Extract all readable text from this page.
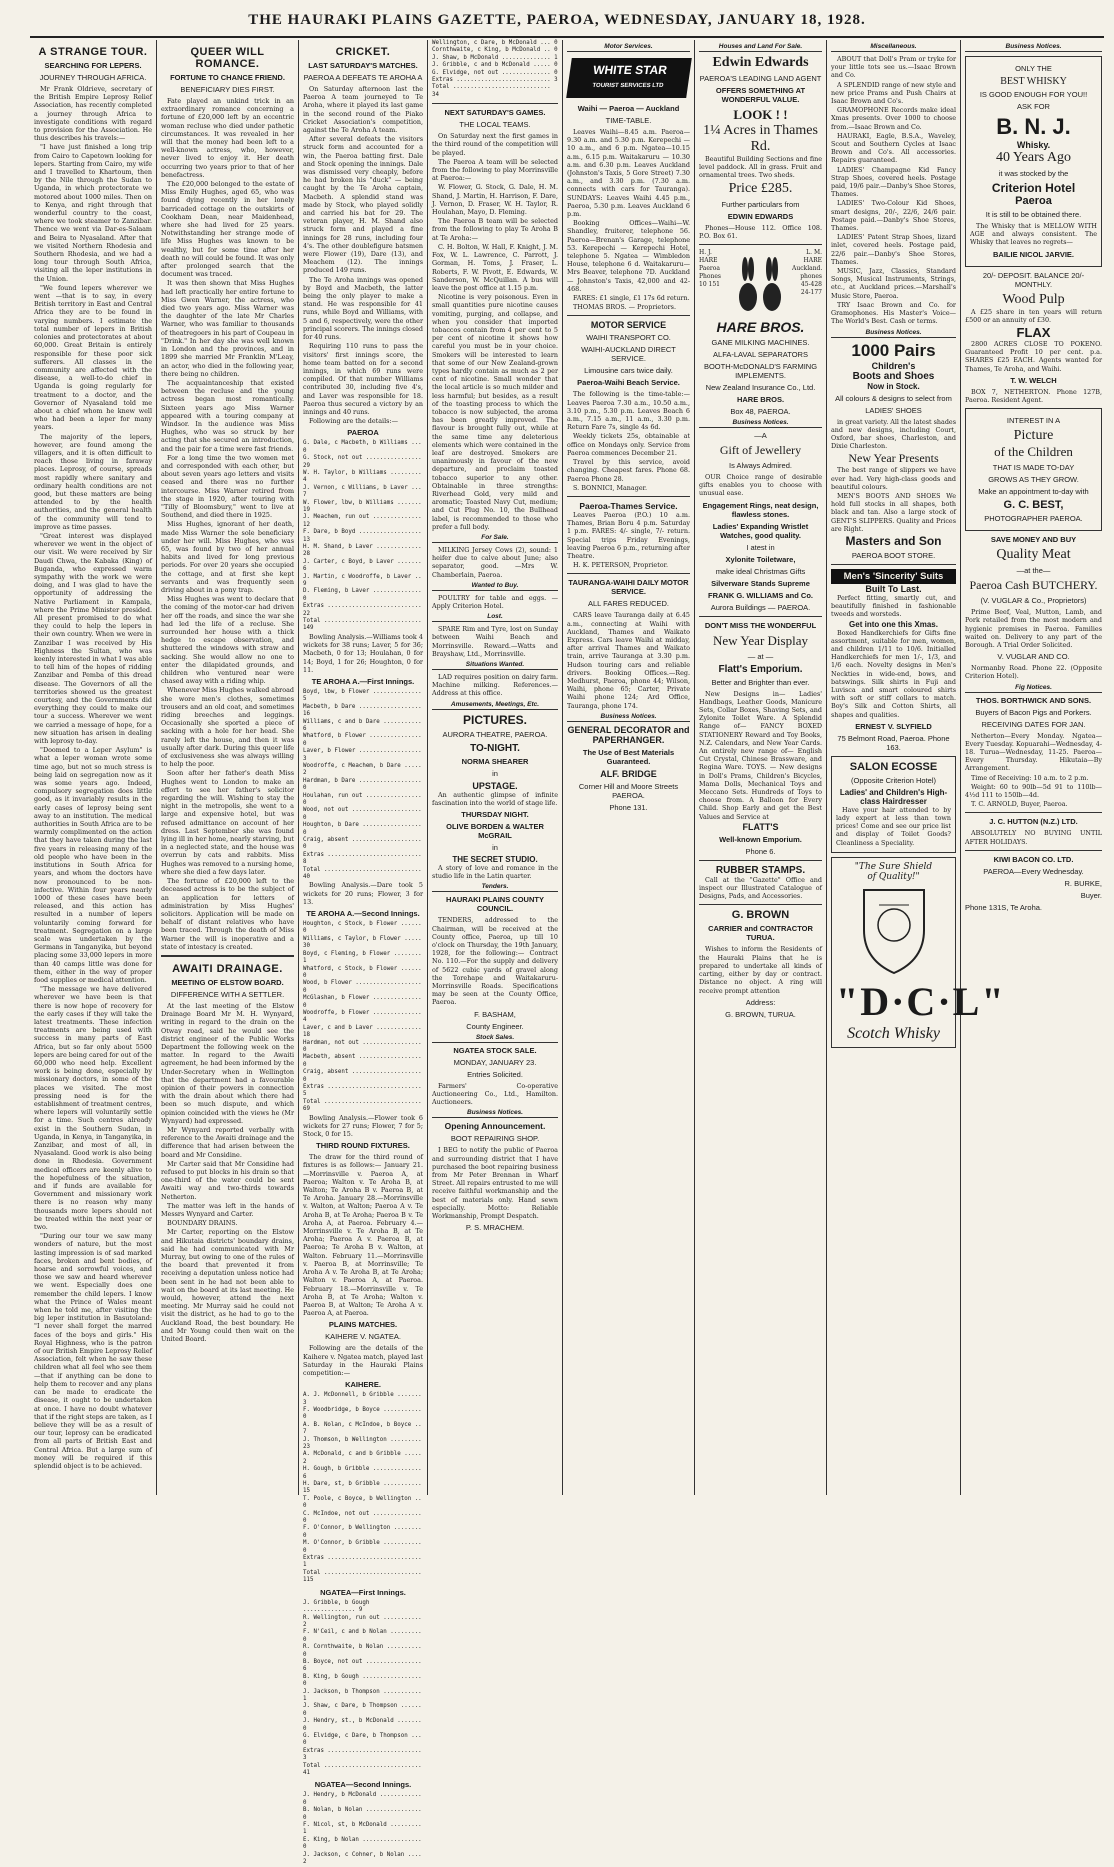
THE HAURAKI PLAINS GAZETTE, PAEROA, WEDNESDAY, JANUARY 18, 1928.
A STRANGE TOUR.
SEARCHING FOR LEPERS.
JOURNEY THROUGH AFRICA.

Mr Frank Oldrieve, secretary of the British Empire Leprosy Relief Association, has recently completed a journey through Africa to investigate conditions with regard to provision for the Association. He thus describes his travels:—

"I have just finished a long trip from Cairo to Capetown looking for lepers. Starting from Cairo, my wife and I travelled to Khartoum, then by the Nile through the Sudan to Uganda, in which protectorate we motored about 1000 miles. Then on to Kenya, and right through that wonderful country to the coast, where we took steamer to Zanzibar. Thence we went via Dar-es-Salaam and Beira to Nyasaland. After that we visited Northern Rhodesia and Southern Rhodesia, and we had a long tour through South Africa, visiting all the leper institutions in the Union.

"We found lepers wherever we went —that is to say, in every British territory in East and Central Africa they are to be found in varying numbers. I estimate the total number of lepers in British colonies and protectorates at about 60,000. Great Britain is entirely responsible for these poor sick sufferers. All classes in the community are affected with the disease, a well-to-do chief in Uganda is going regularly for treatment to a doctor, and the Governor of Nyasaland told me about a chief whom he knew well who had been a leper for many years.

The majority of the lepers, however, are found among the villagers, and it is often difficult to reach those living in faraway places. Leprosy, of course, spreads most rapidly where sanitary and ordinary health conditions are not good, but these matters are being attended to by the health authorities, and the general health of the community will tend to improve as time passes.

"Great interest was displayed wherever we went in the object of our visit. We were received by Sir Daudi Chwa, the Kabaka (King) of Buganda, who expressed warm sympathy with the work we were doing, and I was glad to have the opportunity of addressing the Native Parliament in Kampala, where the Prime Minister presided. All present promised to do what they could to help the lepers in their own country. When we were in Zanzibar I was received by His Highness the Sultan, who was keenly interested in what I was able to tell him of the hopes of ridding Zanzibar and Pemba of this dread disease. The Governors of all the territories showed us the greatest courtesy, and the Governments did everything they could to make our tour a success. Wherever we went we carried a message of hope, for a new situation has arisen in dealing with leprosy to-day.

"Doomed to a Leper Asylum" is what a leper woman wrote some time ago, but not so much stress is being laid on segregation now as it was some years ago. Indeed, compulsory segregation does little good, as it invariably results in the early cases of leprosy being sent away to an institution. The medical authorities in South Africa are to be warmly complimented on the action that they have taken during the last five years in releasing many of the old people who have been in the institutions in South Africa for years, and whom the doctors have now pronounced to be non-infective. Within four years nearly 1000 of these cases have been released, and this action has resulted in a number of lepers voluntarily coming forward for treatment. Segregation on a large scale was undertaken by the Germans in Tanganyika, but beyond placing some 33,000 lepers in more than 40 camps little was done for them, either in the way of proper food supplies or medical attention.

"The message we have delivered wherever we have been is that there is now hope of recovery for the early cases if they will take the latest treatments. These infection treatments are being used with success in many parts of East Africa, but so far only about 5500 lepers are being cared for out of the 60,000 who need help. Excellent work is being done, especially by missionary doctors, in some of the places we visited. The most pressing need is for the establishment of treatment centres, where lepers will voluntarily settle for a time. Such centres already exist in the Southern Sudan, in Uganda, in Kenya, in Tanganyika, in Zanzibar, and most of all, in Nyasaland. Good work is also being done in Rhodesia. Government medical officers are keenly alive to the hopefulness of the situation, and if funds are available for Government and missionary work there is no reason why many thousands more lepers should not be treated within the next year or two.

"During our tour we saw many wonders of nature, but the most lasting impression is of sad marked faces, broken and bent bodies, of hoarse and sorrowful voices, and those we saw and heard wherever we went. Especially does one remember the child lepers. I know what the Prince of Wales meant when he told me, after visiting the big leper institution in Basutoland: "I never shall forget the marred faces of the boys and girls." His Royal Highness, who is the patron of our British Empire Leprosy Relief Association, felt when he saw these children what all feel who see them—that if anything can be done to help them to recover and any plans can be made to eradicate the disease, it ought to be undertaken at once. I have no doubt whatever that if the right steps are taken, as I believe they will be as a result of our tour, leprosy can be eradicated from all parts of British East and Central Africa. But a large sum of money will be required if this splendid object is to be achieved.

QUEER WILL ROMANCE.
FORTUNE TO CHANCE FRIEND.
BENEFICIARY DIES FIRST.

Fate played an unkind trick in an extraordinary romance concerning a fortune of £20,000 left by an eccentric woman recluse who died under pathetic circumstances. It was revealed in her will that the money had been left to a well-known actress, who, however, never lived to enjoy it. Her death occurring two years prior to that of her benefactress.

The £20,000 belonged to the estate of Miss Emily Hughes, aged 65, who was found dying recently in her lonely barricaded cottage on the outskirts of Cookham Dean, near Maidenhead, where she had lived for 25 years. Notwithstanding her strange mode of life Miss Hughes was known to be wealthy, but for some time after her death no will could be found. It was only after prolonged search that the document was traced.

It was then shown that Miss Hughes had left practically her entire fortune to Miss Gwen Warner, the actress, who died two years ago. Miss Warner was the daughter of the late Mr Charles Warner, who was familiar to thousands of theatregoers in his part of Coupeau in "Drink." In her day she was well known in London and the provinces, and in 1899 she married Mr Franklin M'Leay, an actor, who died in the following year, there being no children.

The acquaintanceship that existed between the recluse and the young actress began most romantically. Sixteen years ago Miss Warner appeared with a touring company at Windsor. In the audience was Miss Hughes, who was so struck by her acting that she secured an introduction, and the pair for a time were fast friends.

For a long time the two women met and corresponded with each other, but about seven years ago letters and visits ceased and there was no further intercourse. Miss Warner retired from the stage in 1920, after touring with "Tilly of Bloomsbury," went to live at Southend, and died there in 1925.

Miss Hughes, ignorant of her death, made Miss Warner the sole beneficiary under her will. Miss Hughes, who was 65, was found by two of her annual habits and lived for long previous periods. For over 20 years she occupied the cottage, and at first she kept servants and was frequently seen driving about in a pony trap.

Miss Hughes was went to declare that the coming of the motor-car had driven her off the roads, and since the war she had led the life of a recluse. She surrounded her house with a thick hedge to escape observation, and shuttered the windows with straw and sacking. She would allow no one to enter the dilapidated grounds, and children who ventured near were chased away with a riding whip.

Whenever Miss Hughes walked abroad she wore men's clothes, sometimes trousers and an old coat, and sometimes riding breeches and leggings. Occasionally she sported a piece of sacking with a hole for her head. She rarely left the house, and then it was usually after dark. During this queer life of exclusiveness she was always willing to help the poor.

Soon after her father's death Miss Hughes went to London to make an effort to see her father's solicitor regarding the will. Wishing to stay the night in the metropolis, she went to a large and expensive hotel, but was refused admittance on account of her dress. Last September she was found lying ill in her home, nearly starving, but in a neglected state, and the house was overrun by cats and rabbits. Miss Hughes was removed to a nursing home, where she died a few days later.

The fortune of £20,000 left to the deceased actress is to be the subject of an application for letters of administration by Miss Hughes' solicitors. Application will be made on behalf of distant relatives who have been traced. Through the death of Miss Warner the will is inoperative and a state of intestacy is created.

AWAITI DRAINAGE.
MEETING OF ELSTOW BOARD.
DIFFERENCE WITH A SETTLER.

At the last meeting of the Elstow Drainage Board Mr M. H. Wynyard, writing in regard to the drain on the Otway road, said he would see the district engineer of the Public Works Department the following week on the matter. In regard to the Awaiti agreement, he had been informed by the Under-Secretary when in Wellington that the department had a favourable opinion of their powers in connection with the drain about which there had been so much dispute, and which opinion coincided with the views he (Mr Wynyard) had expressed.

Mr Wynyard reported verbally with reference to the Awaiti drainage and the difference that had arisen between the board and Mr Considine.

Mr Carter said that Mr Considine had refused to put blocks in his drain so that one-third of the water could be sent Awaiti way and two-thirds towards Netherton.

The matter was left in the hands of Messrs Wynyard and Carter.

BOUNDARY DRAINS.

Mr Carter, reporting on the Elstow and Hikutaia districts' boundary drains, said he had communicated with Mr Murray, but owing to one of the rules of the board that prevented it from receiving a deputation unless notice had been sent in he had not been able to wait on the board at its last meeting. He would, however, attend the next meeting. Mr Murray said he could not visit the district, as he had to go to the Auckland Road, the best boundary. He and Mr Young could then wait on the United Board.

CRICKET.
LAST SATURDAY'S MATCHES.
PAEROA A DEFEATS TE AROHA A

On Saturday afternoon last the Paeroa A team journeyed to Te Aroha, where it played its last game in the second round of the Piako Cricket Association's competition, against the Te Aroha A team.

After several defeats the visitors struck form and accounted for a win, the Paeroa batting first. Dale and Stock opening the innings. Dale was dismissed very cheaply, before he had broken his "duck" — being caught by the Te Aroha captain, Macbeth. A splendid stand was made by Stock, who played solidly and carried his bat for 29. The veteran player, H. M. Shand also struck form and played a fine innings for 28 runs, including four 4's. The other doublefigure batsmen were Flower (19), Dare (13), and Meachem (12). The innings produced 149 runs.

The Te Aroha innings was opened by Boyd and Macbeth, the latter being the only player to make a stand. He was responsible for 41 runs, while Boyd and Williams, with 5 and 6, respectively, were the other principal scorers. The innings closed for 40 runs.

Requiring 110 runs to pass the visitors' first innings score, the home team batted on for a second innings, in which 69 runs were compiled. Of that number Williams contributed 30, including five 4's, and Laver was responsible for 18. Paeroa thus secured a victory by an innings and 40 runs.

Following are the details:—

PAEROA
G. Dale, c Macbeth, b Williams ... 0
G. Stock, not out ................ 29
W. H. Taylor, b Williams ......... 4
J. Vernon, c Williams, b Laver ... 7
W. Flower, lbw, b Williams ....... 19
J. Meachem, run out .............. 12
F. Dare, b Boyd .................. 13
H. M. Shand, b Laver ............. 28
J. Carter, c Boyd, b Laver ....... 6
J. Martin, c Woodroffe, b Laver .. 9
D. Fleming, b Laver .............. 0
Extras ........................... 22
Total ............................ 149

Bowling Analysis.—Williams took 4 wickets for 38 runs; Laver, 5 for 36; Macbeth, 0 for 13; Houlahan, 0 for 14; Boyd, 1 for 26; Houghton, 0 for 11.

TE AROHA A.—First Innings.
Boyd, lbw, b Flower .............. 5
Macbeth, b Dare .................. 16
Williams, c and b Dare ........... 6
Whatford, b Flower ............... 0
Laver, b Flower .................. 3
Woodroffe, c Meachem, b Dare ..... 2
Hardman, b Dare .................. 0
Houlahan, run out ................ 0
Wood, not out .................... 0
Houghton, b Dare ................. 0
Craig, absent .................... 0
Extras ........................... 8
Total ............................ 40

Bowling Analysis.—Dare took 5 wickets for 20 runs; Flower, 3 for 13.

TE AROHA A.—Second Innings.
Houghton, c Stock, b Flower ...... 0
Williams, c Taylor, b Flower ..... 30
Boyd, c Fleming, b Flower ........ 1
Whatford, c Stock, b Flower ...... 0
Wood, b Flower ................... 0
McGlashan, b Flower .............. 0
Woodroffe, b Flower .............. 4
Laver, c and b Laver ............. 18
Hardman, not out ................. 0
Macbeth, absent .................. 0
Craig, absent .................... 0
Extras ........................... 5
Total ............................ 69

Bowling Analysis.—Flower took 6 wickets for 27 runs; Flower, 7 for 5; Stock, 0 for 15.

THIRD ROUND FIXTURES.

The draw for the third round of fixtures is as follows:— January 21.—Morrinsville v. Paeroa A, at Paeroa; Walton v. Te Aroha B, at Walton; Te Aroha B v. Paeroa B, at Te Aroha. January 28.—Morrinsville v. Walton, at Walton; Paeroa A v. Te Aroha B, at Te Aroha; Paeroa B v. Te Aroha A, at Paeroa. February 4.—Morrinsville v. Te Aroha B, at Te Aroha; Paeroa A v. Paeroa B, at Paeroa; Te Aroha B v. Walton, at Walton. February 11.—Morrinsville v. Paeroa B, at Morrinsville; Te Aroha A v. Te Aroha B, at Te Aroha; Walton v. Paeroa A, at Paeroa. February 18.—Morrinsville v. Te Aroha B, at Te Aroha; Walton v. Paeroa B, at Walton; Te Aroha A v. Paeroa A, at Paeroa.

PLAINS MATCHES.
KAIHERE V. NGATEA.

Following are the details of the Kaihere v. Ngatea match, played last Saturday in the Hauraki Plains competition:—

KAIHERE.
A. J. McDonnell, b Gribble ....... 3
F. Woodbridge, b Boyce ........... 0
A. B. Nolan, c McIndoe, b Boyce .. 7
J. Thomson, b Wellington ......... 23
A. McDonald, c and b Gribble ..... 2
H. Gough, b Gribble .............. 6
H. Dare, st, b Gribble ........... 15
T. Poole, c Boyce, b Wellington .. 0
C. McIndoe, not out .............. 0
F. O'Connor, b Wellington ........ 0
M. O'Connor, b Gribble ........... 0
Extras ........................... 1
Total ............................ 115
NGATEA—First Innings.
J. Gribble, b Gough ............... 9
R. Wellington, run out ........... 2
F. N'Ceil, c and b Nolan ......... 0
R. Cornthwaite, b Nolan .......... 0
B. Boyce, not out ................ 6
B. King, b Gough ................. 0
J. Jackson, b Thompson ........... 1
J. Shaw, c Dare, b Thompson ...... 0
J. Hendry, st., b McDonald ....... 0
G. Elvidge, c Dare, b Thompson ... 0
Extras ........................... 3
Total ............................ 41
NGATEA—Second Innings.
J. Hendry, b McDonald ............ 0
B. Nolan, b Nolan ................ 0
F. Nicol, st, b McDonald ......... 1
E. King, b Nolan ................. 0
J. Jackson, c Cohner, b Nolan .... 2
Wellington, c Dare, b McDonald ... 0
Cornthwaite, c King, b McDonald .. 0
J. Shaw, b McDonald .............. 1
J. Gribble, c and b McDonald ..... 0
G. Elvidge, not out .............. 0
Extras ........................... 3
Total ............................ 34
NEXT SATURDAY'S GAMES.
THE LOCAL TEAMS.

On Saturday next the first games in the third round of the competition will be played.

The Paeroa A team will be selected from the following to play Morrinsville at Paeroa:—

W. Flower, G. Stock, G. Dale, H. M. Shand, J. Martin, H. Harrison, F. Dare, J. Vernon, D. Fraser, W. H. Taylor, R. Houlahan, Mayo, D. Fleming.

The Paeroa B team will be selected from the following to play Te Aroha B at Te Aroha:—

C. H. Bolton, W. Hall, F. Knight, J. M. Fox, W. L. Lawrence, C. Parrott, J. Gorman, H. Toms, J. Fraser, L. Roberts, F. W. Pivott, E. Edwards, W. Sanderson, W. McQuillan. A bus will leave the post office at 1.15 p.m.

Nicotine is very poisonous. Even in small quantities pure nicotine causes vomiting, purging, and collapse, and when you consider that imported tobaccos contain from 4 per cent to 5 per cent of nicotine it shows how careful you must be in your choice. Smokers will be interested to learn that some of our New Zealand-grown types hardly contain as much as 2 per cent of nicotine. Small wonder that the local article is so much milder and less harmful; but besides, as a result of the toasting process to which the tobacco is now subjected, the aroma has been greatly improved. The flavour is brought fully out, while at the same time any deleterious elements which were contained in the leaf are destroyed. Smokers are unanimously in favour of the new departure, and proclaim toasted tobacco superior to any other. Obtainable in three strengths: Riverhead Gold, very mild and aromatic; Toasted Navy Cut, medium; and Cut Plug No. 10, the Bullhead label, is recommended to those who prefer a full body.

For Sale.

MILKING Jersey Cows (2), sound: 1 heifer due to calve about June; also separator, good. —Mrs W. Chamberlain, Paeroa.

Wanted to Buy.

POULTRY for table and eggs. —Apply Criterion Hotel.

Lost.

SPARE Rim and Tyre, lost on Sunday between Waihi Beach and Morrinsville. Reward.—Watts and Brayshaw, Ltd., Morrinsville.

Situations Wanted.

LAD requires position on dairy farm. Machine milking. References.—Address at this office.

Amusements, Meetings, Etc.
PICTURES.
AURORA THEATRE, PAEROA.
TO-NIGHT.
NORMA SHEARER
in
UPSTAGE.

An authentic glimpse of infinite fascination into the world of stage life.

THURSDAY NIGHT.
OLIVE BORDEN & WALTER McGRAIL
in
THE SECRET STUDIO.

A story of love and romance in the studio life in the Latin quarter.

Tenders.
HAURAKI PLAINS COUNTY COUNCIL.

TENDERS, addressed to the Chairman, will be received at the County office, Paeroa, up till 10 o'clock on Thursday, the 19th January, 1928, for the following:— Contract No. 110.—For the supply and delivery of 5622 cubic yards of gravel along the Torehape and Waitakaruru-Morrinsville Roads. Specifications may be seen at the County Office, Paeroa.

F. BASHAM,
County Engineer.
Stock Sales.
NGATEA STOCK SALE.
MONDAY, JANUARY 23.
Entries Solicited.

Farmers' Co-operative Auctioneering Co., Ltd., Hamilton. Auctioneers.

Business Notices.
Opening Announcement.
BOOT REPAIRING SHOP.

I BEG to notify the public of Paeroa and surrounding district that I have purchased the boot repairing business from Mr Peter Brennan in Wharf Street. All repairs entrusted to me will receive faithful workmanship and the best of materials only. Hand sewn especially. Motto: Reliable Workmanship, Prompt Despatch.

P. S. MRACHEM.
Motor Services.
WHITE STAR
TOURIST SERVICES LTD
Waihi — Paeroa — Auckland
TIME-TABLE.

Leaves Waihi—8.45 a.m. Paeroa—9.30 a.m. and 5.30 p.m. Kerepechi — 10 a.m., and 6 p.m. Ngatea—10.15 a.m., 6.15 p.m. Waitakaruru — 10.30 a.m. and 6.30 p.m. Leaves Auckland (Johnston's Taxis, 5 Gore Street) 7.30 a.m., and 3.30 p.m. (7.30 a.m. connects with cars for Tauranga). SUNDAYS: Leaves Waihi 4.45 p.m., Paeroa, 5.30 p.m. Leaves Auckland 6 p.m.

Booking Offices—Waihi—W. Shandley, fruiterer, telephone 56. Paeroa—Brenan's Garage, telephone 53. Kerepechi — Kerepechi Hotel, telephone 5. Ngatea — Wimbledon House, telephone 6 d. Waitakaruru—Mrs Beaver, telephone 7D. Auckland — Johnston's Taxis, 42,000 and 42-468.

FARES: £1 single, £1 17s 6d return.

THOMAS BROS. — Proprietors.

MOTOR SERVICE
WAIHI TRANSPORT CO.
WAIHI-AUCKLAND DIRECT SERVICE.
Limousine cars twice daily.
Paeroa-Waihi Beach Service.

The following is the time-table:— Leaves Paeroa 7.30 a.m., 10.50 a.m., 3.10 p.m., 5.30 p.m. Leaves Beach 6 a.m., 7.15 a.m., 11 a.m., 3.30 p.m. Return Fare 7s, single 4s 6d.

Weekly tickets 25s, obtainable at office on Mondays only. Service from Paeroa commences December 21.

Travel by this service, avoid changing. Cheapest fares. Phone 68. Paeroa Phone 28.

S. BONNICI, Manager.

Paeroa-Thames Service.

Leaves Paeroa (P.O.) 10 a.m. Thames, Brian Boru 4 p.m. Saturday 1 p.m. FARES: 4/- single, 7/- return. Special trips Friday Evenings, leaving Paeroa 6 p.m., returning after Theatre.

H. K. PETERSON, Proprietor.

TAURANGA-WAIHI DAILY MOTOR SERVICE.
ALL FARES REDUCED.

CARS leave Tauranga daily at 6.45 a.m., connecting at Waihi with Auckland, Thames and Waikato Express. Cars leave Waihi at midday, after arrival Thames and Waikato train, arrive Tauranga at 3.30 p.m. Hudson touring cars and reliable drivers. Booking Offices.—Reg. Medhurst, Paeroa, phone 44; Wilson, Waihi, phone 65; Carter, Private Waihi phone 124; Ard Office, Tauranga, phone 174.

Business Notices.
GENERAL DECORATOR and PAPERHANGER.
The Use of Best Materials Guaranteed.
ALF. BRIDGE
Corner Hill and Moore Streets PAEROA.
Phone 131.
Houses and Land For Sale.
Edwin Edwards
PAEROA'S LEADING LAND AGENT
OFFERS SOMETHING AT WONDERFUL VALUE.
LOOK ! !
1¼ Acres in Thames Rd.

Beautiful Building Sections and fine level paddock. All in grass. Fruit and ornamental trees. Two sheds.

Price £285.
Further particulars from
EDWIN EDWARDS

Phones—House 112. Office 108. P.O. Box 61.

H. J. HARE Paeroa Phones 10 151
L. M. HARE Auckland. phones 45-428 24-177
HARE BROS.
GANE MILKING MACHINES.
ALFA-LAVAL SEPARATORS
BOOTH-McDONALD'S FARMING IMPLEMENTS.
New Zealand Insurance Co., Ltd.
HARE BROS.
Box 48, PAEROA.
Business Notices.
—A
Gift of Jewellery
Is Always Admired.

OUR Choice range of desirable gifts enables you to choose with unusual ease.

Engagement Rings, neat design, flawless stones.
Ladies' Expanding Wristlet Watches, good quality.
I atest in
Xylonite Toiletware,
make ideal Christmas Gifts
Silverware Stands Supreme
FRANK G. WILLIAMS and Co.
Aurora Buildings — PAEROA.
DON'T MISS THE WONDERFUL
New Year Display
— at —
Flatt's Emporium.
Better and Brighter than ever.

New Designs in— Ladies' Handbags, Leather Goods, Manicure Sets, Collar Boxes, Shaving Sets, and Zylonite Toilet Ware. A Splendid Range of— FANCY BOXED STATIONERY Reward and Toy Books, N.Z. Calendars, and New Year Cards. An entirely new range of— English Cut Crystal, Chinese Brassware, and Regina Ware. TOYS. — New designs in Doll's Prams, Children's Bicycles, Mama Dolls, Mechanical Toys and Meccano Sets. Hundreds of Toys to choose from. A Balloon for Every Child. Shop Early and get the Best Values and Service at

FLATT'S
Well-known Emporium.
Phone 6.
RUBBER STAMPS.

Call at the "Gazette" Office and inspect our Illustrated Catalogue of Designs, Pads, and Accessories.

G. BROWN
CARRIER and CONTRACTOR TURUA.

Wishes to inform the Residents of the Hauraki Plains that he is prepared to undertake all kinds of carting, either by day or contract. Distance no object. A ring will receive prompt attention

Address:
G. BROWN, TURUA.
Miscellaneous.

ABOUT that Doll's Pram or tryke for your little tots see us.—Isaac Brown and Co.

A SPLENDID range of new style and new price Prams and Push Chairs at Isaac Brown and Co's.

GRAMOPHONE Records make ideal Xmas presents. Over 1000 to choose from.—Isaac Brown and Co.

HAURAKI, Eagle, B.S.A., Waveley, Scout and Southern Cycles at Isaac Brown and Co's. All accessories. Repairs guaranteed.

LADIES' Champagne Kid Fancy Strap Shoes, covered heels. Postage paid, 19/6 pair.—Danby's Shoe Stores, Thames.

LADIES' Two-Colour Kid Shoes, smart designs, 20/-, 22/6, 24/6 pair. Postage paid.—Danby's Shoe Stores, Thames.

LADIES' Patent Strap Shoes, lizard inlet, covered heels. Postage paid, 22/6 pair.—Danby's Shoe Stores, Thames.

MUSIC, Jazz, Classics, Standard Songs, Musical Instruments, Strings, etc., at Auckland prices.—Marshall's Music Store, Paeroa.

TRY Isaac Brown and Co. for Gramophones. His Master's Voice—The World's Best. Cash or terms.

Business Notices.
1000 Pairs
Children's
Boots and Shoes
Now in Stock.
All colours & designs to select from
LADIES' SHOES

in great variety. All the latest shades and new designs, including Court, Oxford, bar shoes, Charleston, and Dixie Charleston.

New Year Presents

The best range of slippers we have ever had. Very high-class goods and beautiful colours.

MEN'S BOOTS AND SHOES We hold full stocks in all shapes, both black and tan. Also a large stock of GENT'S SLIPPERS. Quality and Prices are Right.

Masters and Son
PAEROA BOOT STORE.
Men's 'Sincerity' Suits
Built To Last.

Perfect fitting, smartly cut, and beautifully finished in fashionable tweeds and worsteds.

Get into one this Xmas.

Boxed Handkerchiefs for Gifts fine assortment, suitable for men, women, and children 1/11 to 10/6. Initialled Handkerchiefs for men 1/-, 1/3, and 1/6 each. Novelty designs in Men's Neckties in wide-end, bows, and batswings. Silk shirts in Fuji and Luvisca and smart coloured shirts with soft or stiff collars to match. Boy's Silk and Cotton Shirts, all shapes and qualities.

ERNEST V. SLYFIELD
75 Belmont Road, Paeroa. Phone 163.
SALON ECOSSE
(Opposite Criterion Hotel)
Ladies' and Children's High-class Hairdresser

Have your hair attended to by lady expert at less than town prices! Come and see our price list and display of Toilet Goods? Cleanliness a Speciality.

"The Sure Shield
of Quality!"
"D·C·L"
Scotch Whisky
Business Notices.
ONLY THE
BEST WHISKY
IS GOOD ENOUGH FOR YOU!!
ASK FOR
B. N. J.
Whisky.
40 Years Ago
it was stocked by the
Criterion Hotel
Paeroa
It is still to be obtained there.

The Whisky that is MELLOW WITH AGE and always consistent. The Whisky that leaves no regrets—

BAILIE NICOL JARVIE.
20/- DEPOSIT. BALANCE 20/- MONTHLY.
Wood Pulp

A £25 share in ten years will return £500 or an annuity of £30.

FLAX

2800 ACRES CLOSE TO POKENO. Guaranteed Profit 10 per cent. p.a. SHARES £25 EACH. Agents wanted for Thames, Te Aroha, and Waihi.

T. W. WELCH

BOX 7, NETHERTON. Phone 127B, Paeroa. Resident Agent.

INTEREST IN A
Picture
of the Children
THAT IS MADE TO-DAY
GROWS AS THEY GROW.
Make an appointment to-day with
G. C. BEST,
PHOTOGRAPHER PAEROA.
SAVE MONEY AND BUY
Quality Meat
—at the—
Paeroa Cash BUTCHERY.
(V. VUGLAR & Co., Proprietors)

Prime Beef, Veal, Mutton, Lamb, and Pork retailed from the most modern and hygienic premises in Paeroa. Families waited on. Delivery to any part of the Borough. A Trial Order Solicited.

V. VUGLAR AND CO.

Normanby Road. Phone 22. (Opposite Criterion Hotel).

Fig Notices.
THOS. BORTHWICK AND SONS.
Buyers of Bacon Pigs and Porkers.
RECEIVING DATES FOR JAN.

Netherton—Every Monday. Ngatea—Every Tuesday. Kopuarahi—Wednesday, 4-18. Turua—Wednesday, 11-25. Paeroa—Every Thursday. Hikutaia—By Arrangement.

Time of Receiving: 10 a.m. to 2 p.m.

Weight: 60 to 90lb—5d 91 to 110lb—4½d 111 to 150lb—4d.

T. C. ARNOLD, Buyer, Paeroa.

J. C. HUTTON (N.Z.) LTD.

ABSOLUTELY NO BUYING UNTIL AFTER HOLIDAYS.

KIWI BACON CO. LTD.
PAEROA—Every Wednesday.
R. BURKE,
Buyer.
Phone 131S, Te Aroha.
